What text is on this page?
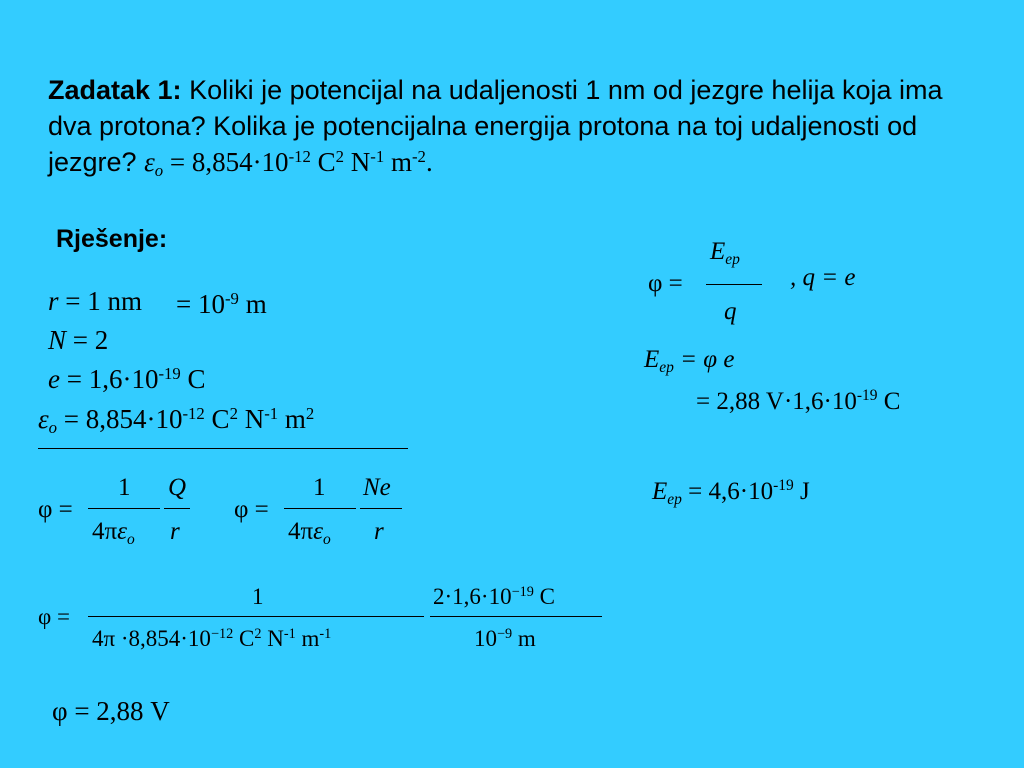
Zadatak 1: Koliki je potencijal na udaljenosti 1 nm od jezgre helija koja ima dva protona? Kolika je potencijalna energija protona na toj udaljenosti od jezgre? $\varepsilon_o = 8,854\cdot 10^{-12}$ $C^2$ $N^{-1}$ $m^{-2}$.
Rješenje:
r = 1 nm = $10^{-9}$ m
N = 2
$e = 1,6\cdot 10^{-19}$ C
$\varepsilon_o = 8,854\cdot 10^{-12}$ $C^2$ $N^{-1}$ $m^2$
φ =
1
$4\pi\varepsilon_o$
Q
r
φ =
1
$4\pi\varepsilon_o$
Ne
r
φ =
1
$4\pi \cdot 8,854\cdot 10^{-12}$ $C^2$ $N^{-1}$ $m^{-1}$
$2\cdot 1,6\cdot 10^{-19}$ C
$10^{-9}$ m
φ = 2,88 V
φ =
$E_{ep}$
q
, q = e
$E_{ep} = \varphi$ e
= 2,88 $V\cdot 1,6\cdot 10^{-19}$ C
$E_{ep} = 4,6\cdot 10^{-19}$ J
